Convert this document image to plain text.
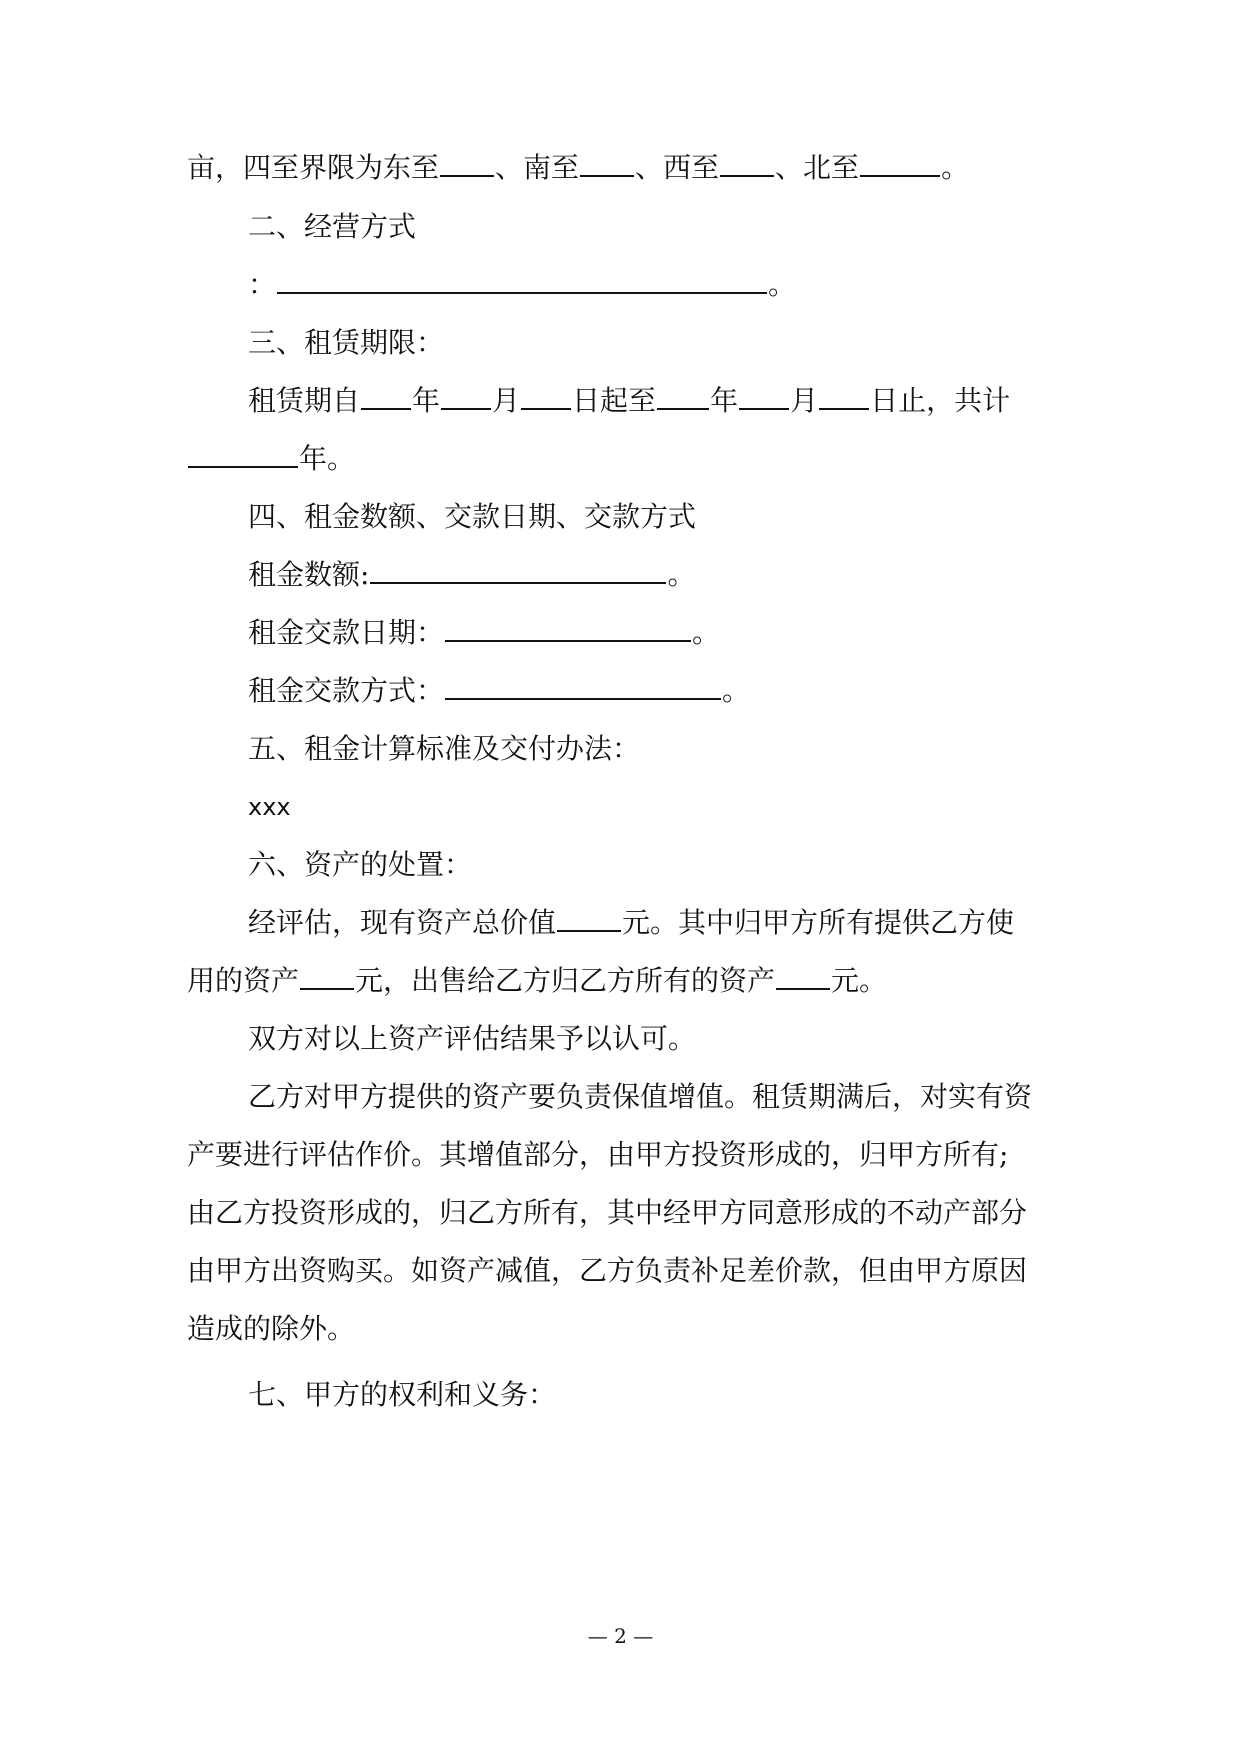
亩，四至界限为东至 、南至 、西至 、北至	。
二、经营方式
：	。
三、租赁期限：
租赁期自 年 月 日起至 年 月 日止，共计
年。
四、租金数额、交款日期、交款方式
租金数额:	。
租金交款日期：	。
租金交款方式：	。
五、租金计算标准及交付办法：
xxx
六、资产的处置：
经评估，现有资产总价值 元。其中归甲方所有提供乙方使
用的资产 元，出售给乙方归乙方所有的资产 元。
双方对以上资产评估结果予以认可。
乙方对甲方提供的资产要负责保值增值。租赁期满后，对实有资
产要进行评估作价。其增值部分，由甲方投资形成的，归甲方所有;
由乙方投资形成的，归乙方所有，其中经甲方同意形成的不动产部分
由甲方出资购买。如资产减值，乙方负责补足差价款，但由甲方原因
造成的除外。
七、甲方的权利和义务：
— 2 —
